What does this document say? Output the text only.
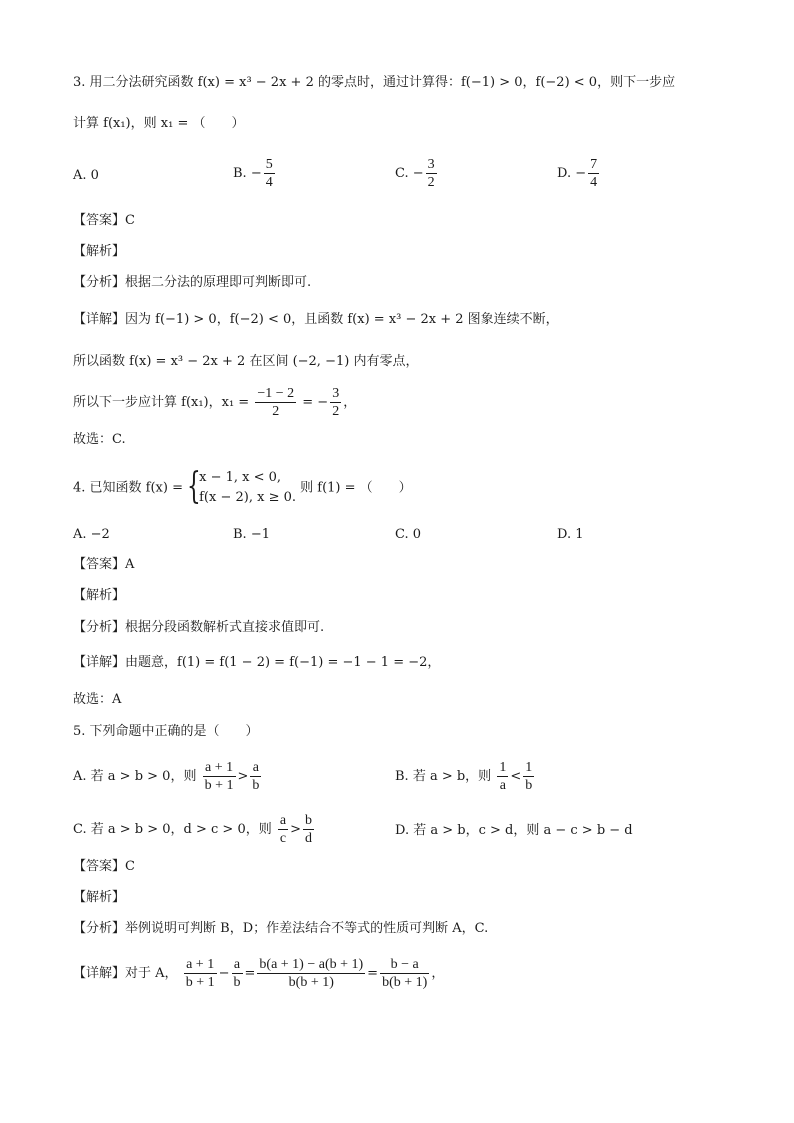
3. 用二分法研究函数 f(x) = x³ − 2x + 2 的零点时，通过计算得：f(−1) > 0，f(−2) < 0，则下一步应
计算 f(x₁)，则 x₁ = （　　）
A. 0	B. − $\frac{5}{4}$	C. − $\frac{3}{2}$	D. − $\frac{7}{4}$
【答案】C
【解析】
【分析】根据二分法的原理即可判断即可.
【详解】因为 f(−1) > 0，f(−2) < 0，且函数 f(x) = x³ − 2x + 2 图象连续不断，
所以函数 f(x) = x³ − 2x + 2 在区间 (−2, −1) 内有零点，
所以下一步应计算 f(x₁)，$x_1 = \frac{-1 - 2}{2}$ = − $\frac{3}{2}$ ，
故选：C.
4. 已知函数 f(x) = {
x − 1, x < 0,
f(x − 2), x ≥ 0.
则 f(1) = （　　）
A. −2	B. −1	C. 0	D. 1
【答案】A
【解析】
【分析】根据分段函数解析式直接求值即可.
【详解】由题意，f(1) = f(1 − 2) = f(−1) = −1 − 1 = −2，
故选：A
5. 下列命题中正确的是（　　）
A. 若 a > b > 0，则 $\frac{a + 1}{b + 1} > \frac{a}{b}$	B. 若 a > b，则 $\frac{1}{a} < \frac{1}{b}$
C. 若 a > b > 0，d > c > 0，则 $\frac{a}{c} > \frac{b}{d}$	D. 若 a > b，c > d，则 a − c > b − d
【答案】C
【解析】
【分析】举例说明可判断 B，D；作差法结合不等式的性质可判断 A，C.
【详解】对于 A， $\frac{a + 1}{b + 1} - \frac{a}{b} = \frac{b(a + 1) - a(b + 1)}{b(b + 1)} = \frac{b - a}{b(b + 1)}$ ，
